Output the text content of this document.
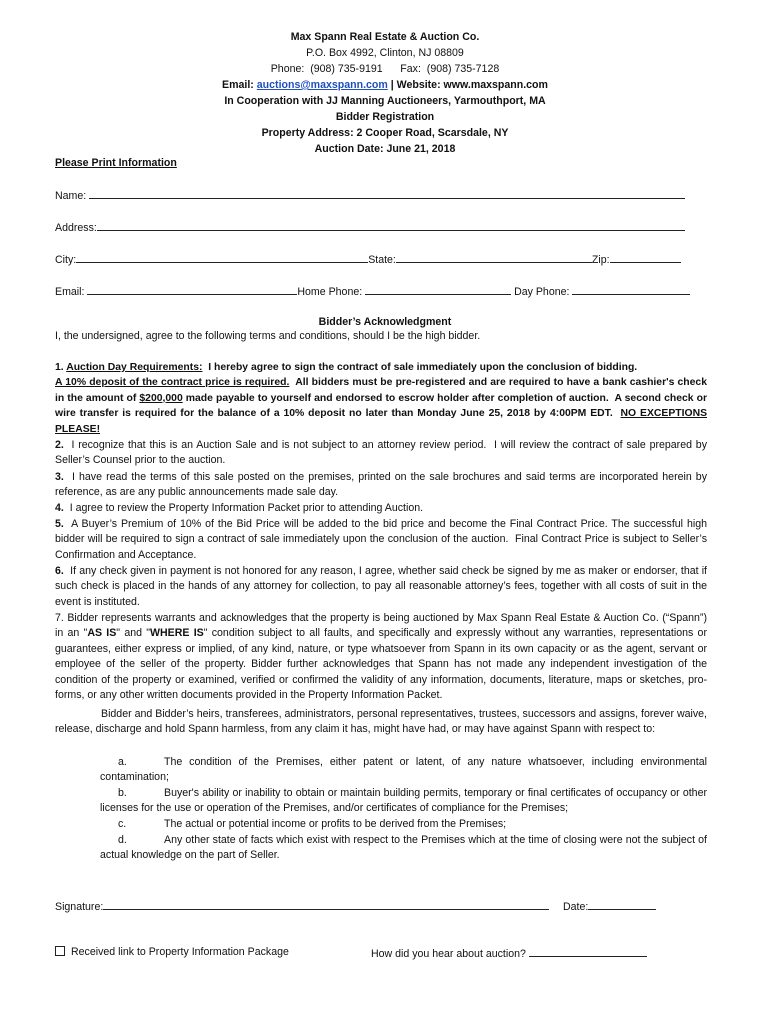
Max Spann Real Estate & Auction Co.
P.O. Box 4992, Clinton, NJ 08809
Phone:  (908) 735-9191      Fax:  (908) 735-7128
Email: auctions@maxspann.com | Website: www.maxspann.com
In Cooperation with JJ Manning Auctioneers, Yarmouthport, MA
Bidder Registration
Property Address: 2 Cooper Road, Scarsdale, NY
Auction Date: June 21, 2018
Please Print Information
Name:
Address:
City:	State:	Zip:
Email:	Home Phone:	Day Phone:
Bidder’s Acknowledgment
I, the undersigned, agree to the following terms and conditions, should I be the high bidder.
1. Auction Day Requirements:  I hereby agree to sign the contract of sale immediately upon the conclusion of bidding.
A 10% deposit of the contract price is required.  All bidders must be pre-registered and are required to have a bank cashier's check in the amount of $200,000 made payable to yourself and endorsed to escrow holder after completion of auction.  A second check or wire transfer is required for the balance of a 10% deposit no later than Monday June 25, 2018 by 4:00PM EDT.  NO EXCEPTIONS PLEASE!
2.  I recognize that this is an Auction Sale and is not subject to an attorney review period.  I will review the contract of sale prepared by Seller’s Counsel prior to the auction.
3.  I have read the terms of this sale posted on the premises, printed on the sale brochures and said terms are incorporated herein by reference, as are any public announcements made sale day.
4.  I agree to review the Property Information Packet prior to attending Auction.
5.  A Buyer’s Premium of 10% of the Bid Price will be added to the bid price and become the Final Contract Price. The successful high bidder will be required to sign a contract of sale immediately upon the conclusion of the auction.  Final Contract Price is subject to Seller’s Confirmation and Acceptance.
6.  If any check given in payment is not honored for any reason, I agree, whether said check be signed by me as maker or endorser, that if such check is placed in the hands of any attorney for collection, to pay all reasonable attorney’s fees, together with all costs of suit in the event is instituted.
7. Bidder represents warrants and acknowledges that the property is being auctioned by Max Spann Real Estate & Auction Co. (“Spann”) in an "AS IS" and "WHERE IS" condition subject to all faults, and specifically and expressly without any warranties, representations or guarantees, either express or implied, of any kind, nature, or type whatsoever from Spann in its own capacity or as the agent, servant or employee of the seller of the property. Bidder further acknowledges that Spann has not made any independent investigation of the condition of the property or examined, verified or confirmed the validity of any information, documents, literature, maps or sketches, pro-forms, or any other written documents provided in the Property Information Packet.
Bidder and Bidder’s heirs, transferees, administrators, personal representatives, trustees, successors and assigns, forever waive, release, discharge and hold Spann harmless, from any claim it has, might have had, or may have against Spann with respect to:
a.	The condition of the Premises, either patent or latent, of any nature whatsoever, including environmental contamination;
b.	Buyer's ability or inability to obtain or maintain building permits, temporary or final certificates of occupancy or other licenses for the use or operation of the Premises, and/or certificates of compliance for the Premises;
c.	The actual or potential income or profits to be derived from the Premises;
d.	Any other state of facts which exist with respect to the Premises which at the time of closing were not the subject of actual knowledge on the part of Seller.
Signature:	Date:
Received link to Property Information Package	How did you hear about auction?
